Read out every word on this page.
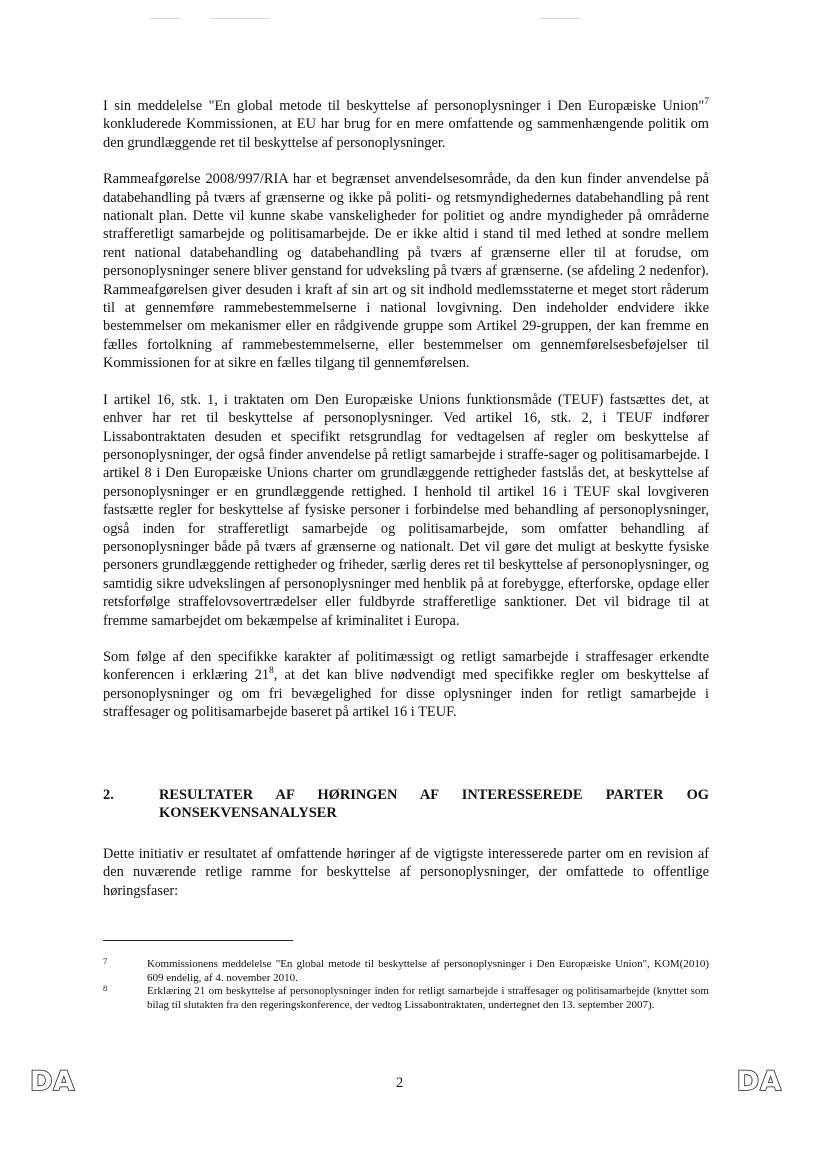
I sin meddelelse "En global metode til beskyttelse af personoplysninger i Den Europæiske Union"$^7$ konkluderede Kommissionen, at EU har brug for en mere omfattende og sammenhængende politik om den grundlæggende ret til beskyttelse af personoplysninger.

Rammeafgørelse 2008/997/RIA har et begrænset anvendelsesområde, da den kun finder anvendelse på databehandling på tværs af grænserne og ikke på politi- og retsmyndighedernes databehandling på rent nationalt plan. Dette vil kunne skabe vanskeligheder for politiet og andre myndigheder på områderne strafferetligt samarbejde og politisamarbejde. De er ikke altid i stand til med lethed at sondre mellem rent national databehandling og databehandling på tværs af grænserne eller til at forudse, om personoplysninger senere bliver genstand for udveksling på tværs af grænserne. (se afdeling 2 nedenfor). Rammeafgørelsen giver desuden i kraft af sin art og sit indhold medlemsstaterne et meget stort råderum til at gennemføre rammebestemmelserne i national lovgivning. Den indeholder endvidere ikke bestemmelser om mekanismer eller en rådgivende gruppe som Artikel 29-gruppen, der kan fremme en fælles fortolkning af rammebestemmelserne, eller bestemmelser om gennemførelsesbeføjelser til Kommissionen for at sikre en fælles tilgang til gennemførelsen.

I artikel 16, stk. 1, i traktaten om Den Europæiske Unions funktionsmåde (TEUF) fastsættes det, at enhver har ret til beskyttelse af personoplysninger. Ved artikel 16, stk. 2, i TEUF indfører Lissabontraktaten desuden et specifikt retsgrundlag for vedtagelsen af regler om beskyttelse af personoplysninger, der også finder anvendelse på retligt samarbejde i straffe-sager og politisamarbejde. I artikel 8 i Den Europæiske Unions charter om grundlæggende rettigheder fastslås det, at beskyttelse af personoplysninger er en grundlæggende rettighed. I henhold til artikel 16 i TEUF skal lovgiveren fastsætte regler for beskyttelse af fysiske personer i forbindelse med behandling af personoplysninger, også inden for strafferetligt samarbejde og politisamarbejde, som omfatter behandling af personoplysninger både på tværs af grænserne og nationalt. Det vil gøre det muligt at beskytte fysiske personers grundlæggende rettigheder og friheder, særlig deres ret til beskyttelse af personoplysninger, og samtidig sikre udvekslingen af personoplysninger med henblik på at forebygge, efterforske, opdage eller retsforfølge straffelovsovertrædelser eller fuldbyrde strafferetlige sanktioner. Det vil bidrage til at fremme samarbejdet om bekæmpelse af kriminalitet i Europa.

Som følge af den specifikke karakter af politimæssigt og retligt samarbejde i straffesager erkendte konferencen i erklæring $21^8$, at det kan blive nødvendigt med specifikke regler om beskyttelse af personoplysninger og om fri bevægelighed for disse oplysninger inden for retligt samarbejde i straffesager og politisamarbejde baseret på artikel 16 i TEUF.

2.	RESULTATER AF HØRINGEN AF INTERESSEREDE PARTER OG KONSEKVENSANALYSER
Dette initiativ er resultatet af omfattende høringer af de vigtigste interesserede parter om en revision af den nuværende retlige ramme for beskyttelse af personoplysninger, der omfattede to offentlige høringsfaser:
7	Kommissionens meddelelse "En global metode til beskyttelse af personoplysninger i Den Europæiske Union", KOM(2010) 609 endelig, af 4. november 2010.
8	Erklæring 21 om beskyttelse af personoplysninger inden for retligt samarbejde i straffesager og politisamarbejde (knyttet som bilag til slutakten fra den regeringskonference, der vedtog Lissabontraktaten, undertegnet den 13. september 2007).
DA	2	DA
